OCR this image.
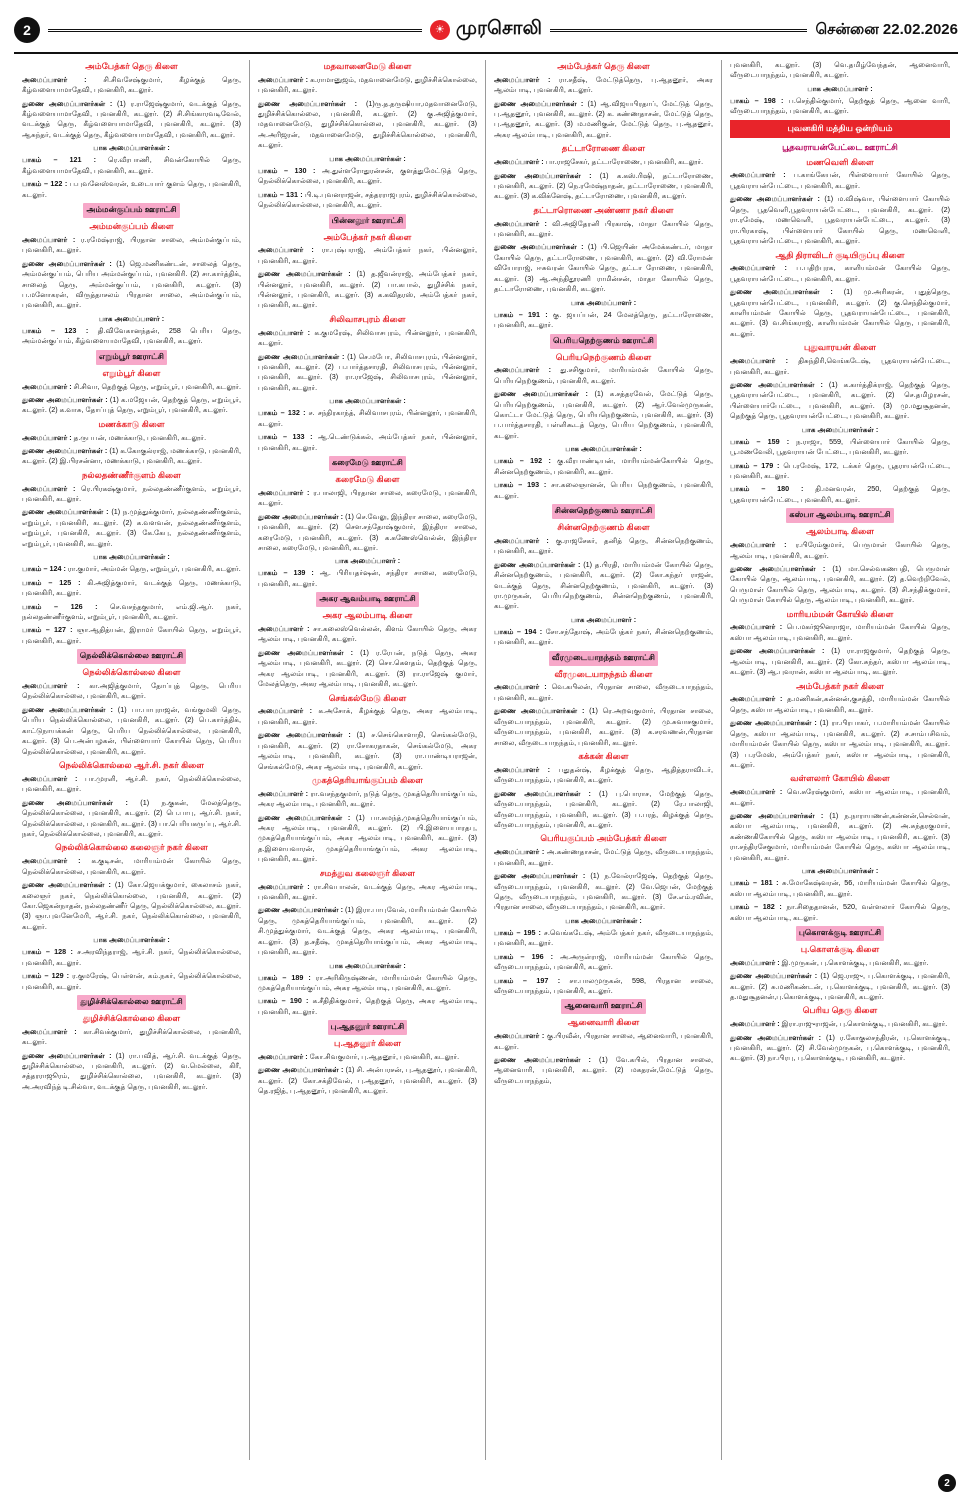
2	☀ முரசொலி	சென்னை 22.02.2026
அம்பேத்கர் தெரு கிளை

அமைப்பாளர் : சி.சிவசேஷ்குமார், கீழக்குத் தெரு, கீழ்வளையாமாதேவி, புவனகிரி, கடலூர்.

துணை அமைப்பாளர்கள் : (1) ர.ராஜேஷ்குமார், வடக்குத் தெரு, கீழ்வளையாமாதேவி, புவனகிரி, கடலூர். (2) சி.சிங்காரவடிவேல், வடக்குத் தெரு, கீழ்வளையாமாதேவி, புவனகிரி, கடலூர். (3) ஆசுந்தர், வடக்குத் தெரு, கீழ்வளையாமாதேவி, புவனகிரி, கடலூர்.

பாக அமைப்பாளர்கள் :

பாகம் – 121 : ரெ.வீரபாணி, சிவன்கோயில் தெரு, கீழ்வளையாமாதேவி, புவனகிரி, கடலூர்.

பாகம் – 122 : ப.புவனேஸ்வரன், உடையார் குளம் தெரு, புவனகிரி, கடலூர்.

அம்மன்குப்பம் ஊராட்சி
அம்மன்குப்பம் கிளை

அமைப்பாளர் : ர.ரமேஷ்ராஜ், பிரதான சாலை, அம்மன்குப்பம், புவனகிரி, கடலூர்.

துணை அமைப்பாளர்கள் : (1) ஜெ.மணிகண்டன், சாலைத் தெரு, அம்மன்குப்பம், பெரிய அம்மன்குப்பம், புவனகிரி. (2) சா.கார்த்திக், சாலைத் தெரு, அம்மன்குப்பம், புவனகிரி, கடலூர். (3) ப.மனோகரன், விருத்தாசலம் பிரதான சாலை, அம்மன்குப்பம், புவனகிரி, கடலூர்.

பாக அமைப்பாளர் :

பாகம் – 123 : தி.விவேகானந்தன், 258 பெரிய தெரு, அம்மன்குப்பம், கீழ்வளையமாதேவி, புவனகிரி, கடலூர்.

எறும்பூர் ஊராட்சி
எறும்பூர் கிளை

அமைப்பாளர் : சி.சிவா, தெற்குத் தெரு, எறும்பூர், புவனகிரி, கடலூர்.

துணை அமைப்பாளர்கள் : (1) க.மஜேயன், தெற்குத் தெரு, எறும்பூர், கடலூர். (2) க.வாசு, தோப்புத் தெரு, எறும்பூர், புவனகிரி, கடலூர்.

மணக்காடு கிளை

அமைப்பாளர் : த.ருபபன், மணக்காடு, புவனகிரி, கடலூர்.

துணை அமைப்பாளர்கள் : (1) க.கோகுல்ராஜ், மணக்காடு, புவனகிரி, கடலூர். (2) இ.பிரசன்னா, மணக்காடு, புவனகிரி, கடலூர்.

நல்லதண்ணீர்குளம் கிளை

அமைப்பாளர் : ரெ.பிரகஷ்குமார், நல்லதண்ணீர்குளம், எறும்பூர், புவனகிரி, கடலூர்.

துணை அமைப்பாளர்கள் : (1) ந.முத்துக்குமார், நல்லதண்ணீர்குளம், எறும்பூர், புவனகிரி, கடலூர். (2) க.வளவன், நல்லதண்ணீர்குளம், எறும்பூர், புவனகிரி, கடலூர். (3) கே.கேபு, நல்லதண்ணீர்குளம், எறும்பூர், புவனகிரி, கடலூர்.

பாக அமைப்பாளர்கள் :

பாகம் – 124 : ரா.குமார், அம்மன் தெரு, எறும்பூர், புவனகிரி, கடலூர்.

பாகம் – 125 : கி.அஜித்குமார், வடக்குத் தெரு, மணக்காடு, புவனகிரி, கடலூர்.

பாகம் – 126 : செ.வசந்தகுமார், எம்.ஜி.ஆர். நகர், நல்லதண்ணீர்குளம், எறும்பூர், புவனகிரி, கடலூர்.

பாகம் – 127 : ஞா.ஆதித்யன், இராமர் கோயில் தெரு, எறும்பூர், புவனகிரி, கடலூர்.

நெல்லிக்கொல்லை ஊராட்சி
நெல்லிக்கொல்லை கிளை

அமைப்பாளர் : கா.அஜித்குமார், தோப்புத் தெரு, பெரிய நெல்லிக்கொல்லை, புவனகிரி, கடலூர்.

துணை அமைப்பாளர்கள் : (1) பா.பாபுராஜன், வங்குமலி தெரு, பெரிய நெல்லிக்கொல்லை, புவனகிரி, கடலூர். (2) பெ.கார்த்திக், காட்டுநாயக்கன் தெரு, பெரிய நெல்லிக்கொல்லை, புவனகிரி, கடலூர். (3) பெ.அன்பழகன், பிள்ளையார் கோயில் தெரு, பெரிய நெல்லிக்கொல்லை, புவனகிரி, கடலூர்.

நெல்லிக்கொல்லை ஆர்.சி. நகர் கிளை

அமைப்பாளர் : பா.முரளி, ஆர்.சி. நகர், நெல்லிக்கொல்லை, புவனகிரி, கடலூர்.

துணை அமைப்பாளர்கள் : (1) ந.குகன், மேலத்தெரு, நெல்லிக்கொல்லை, புவனகிரி, கடலூர். (2) பெ.பாபு, ஆர்.சி. நகர், நெல்லிக்கொல்லை, புவனகிரி, கடலூர். (3) பா.பெரியகருப்பு, ஆர்.சி. நகர், நெல்லிக்கொல்லை, புவனகிரி, கடலூர்.

நெல்லிக்கொல்லை கலைஞர் நகர் கிளை

அமைப்பாளர் : க.குடிசன், மாரியம்மன் கோயில் தெரு, நெல்லிக்கொல்லை, புவனகிரி, கடலூர்.

துணை அமைப்பாளர்கள் : (1) கோ.ஜெயக்குமார், கைலாசம் நகர், கலைஞர் நகர், நெல்லிக்கொல்லை, புவனகிரி, கடலூர். (2) கோ.ஜெகன்நாதன், நல்லதண்ணீர் தெரு, நெல்லிக்கொல்லை, கடலூர். (3) ஞா.புவனேமேரி, ஆர்.சி. நகர், நெல்லிக்கொல்லை, புவனகிரி, கடலூர்.

பாக அமைப்பாளர்கள் :

பாகம் – 128 : ச.அரவிந்தராஜ், ஆர்.சி. நகர், நெல்லிக்கொல்லை, புவனகிரி, கடலூர்.

பாகம் – 129 : ர.குமரேஷ், பெள்ளன், கம்.நகர், நெல்லிக்கொல்லை, புவனகிரி, கடலூர்.

துழிச்சிக்கொல்லை ஊராட்சி
துழிச்சிக்கொல்லை கிளை

அமைப்பாளர் : கா.சிவக்குமார், துழிச்சிக்கொல்லை, புவனகிரி, கடலூர்.

துணை அமைப்பாளர்கள் : (1) ரா.பவித், ஆர்.சி. வடக்குத் தெரு, துழிச்சிக்கொல்லை, புவனகிரி, கடலூர். (2) வ.மெல்லை, கிரீ, சத்தரராஜூரம், துழிச்சிக்கொல்லை, புவனகிரி, கடலூர். (3) அ.அரவிந்த் டி.சில்வா, வடக்குத் தெரு, புவனகிரி, கடலூர்.

மதவானைமேடு கிளை

அமைப்பாளர் : க.ராமானுஜம், மதவானைமேடு, துழிச்சிக்கொல்லை, புவனகிரி, கடலூர்.

துணை அமைப்பாளர்கள் : (1)ரு.த.தருஷியா,மதவானைமேடு, துழிச்சிக்கொல்லை, புவனகிரி, கடலூர். (2) கு.அஜித்குமார், மதவானைமேடு, துழிச்சிக்கொல்லை, புவனகிரி, கடலூர். (3) அ.அரிஜரன், மதவானைமேடு, துழிச்சிக்கொல்லை, புவனகிரி, கடலூர்.

பாக அமைப்பாளர்கள் :

பாகம் – 130 : அ.துள்ளரோதுரன்சன், குளத்துமேட்டுத் தெரு, நெல்லிக்கொல்லை, புவனகிரி, கடலூர்.

பாகம் – 131 : பி.டி.புவனராஜன், சத்தரராஜபுரம், துழிச்சிக்கொல்லை, நெல்லிக்கொல்லை, புவனகிரி, கடலூர்.

பின்னலூர் ஊராட்சி
அம்பேத்கர் நகர் கிளை

அமைப்பாளர் : ரா.புஷ்பராஜ், அம்பேத்கர் நகர், பின்னலூர், புவனகிரி, கடலூர்.

துணை அமைப்பாளர்கள் : (1) த.ஜீவன்ராஜ், அம்பேத்கர் நகர், பின்னலூர், புவனகிரி, கடலூர். (2) பா.கபால், துழிச்சிக் நகர், பின்னலூர், புவனகிரி, கடலூர். (3) க.கவிதரஸ், அம்பேத்கர் நகர், புவனகிரி, கடலூர்.

சிலிவாசபுரம் கிளை

அமைப்பாளர் : க.குமரேஷ், சிலிவாசபுரம், பின்னலூர், புவனகிரி, கடலூர்.

துணை அமைப்பாளர்கள் : (1) செ.மபோ, சிலிவாசபுரம், பின்னலூர், புவனகிரி, கடலூர். (2) ப.பார்த்தசாரதி, சிலிவாசபுரம், பின்னலூர், புவனகிரி, கடலூர். (3) ரா.ராஜேஷ், சிலிவாசபுரம், பின்னலூர், புவனகிரி, கடலூர்.

பாக அமைப்பாளர்கள் :

பாகம் – 132 : ச. சந்திரகாந்த், சிலிவாசபுரம், பின்னலூர், புவனகிரி, கடலூர்.

பாகம் – 133 : ஆ.டெண்டுக்கல், அம்பேத்கர் நகர், பின்னலூர், புவனகிரி, கடலூர்.

கரைமேடு ஊராட்சி
கரைமேடு கிளை

அமைப்பாளர் : ர.பாலாஜி, பிரதான சாலை, கரைமேடு, புவனகிரி, கடலூர்.

துணை அமைப்பாளர்கள் : (1) செ.வேலு, இந்திரா சாலை, கரைமேடு, புவனகிரி, கடலூர். (2) சௌ.சந்தோஷ்குமார், இந்திரா சாலை, கரைமேடு, புவனகிரி, கடலூர். (3) க.கணேஸ்வெல்ன், இந்திரா சாலை, கரைமேடு, புவனகிரி, கடலூர்.

பாக அமைப்பாளர் :

பாகம் – 139 : ஆ. பிரியதர்ஷன், சந்திரா சாலை, கரைமேடு, புவனகிரி, கடலூர்.

அகர ஆவம்பாடி ஊராட்சி
அகர ஆலம்பாடி கிளை

அமைப்பாளர் : சா.கலைஸ்வெல்லன், கிளம் கோயில் தெரு, அகர ஆலம்பாடி, புவனகிரி, கடலூர்.

துணை அமைப்பாளர்கள் : (1) ர.ரேபன், நடுத் தெரு, அகர ஆலம்பாடி, புவனகிரி, கடலூர். (2) சொ.கௌதம், தெற்குத் தெரு, அகர ஆலம்பாடி, புவனகிரி, கடலூர். (3) ரா.ராஜேஷ் குமார், மேலத்தெரு, அகர ஆலம்பாடி, புவனகிரி, கடலூர்.

செங்கல்மேடு கிளை

அமைப்பாளர் : க.அசோக், கீழக்குத் தெரு, அகர ஆலம்பாடி, புவனகிரி, கடலூர்.

துணை அமைப்பாளர்கள் : (1) ச.செங்கொளாநி, செங்கல்மேடு, புவனகிரி, கடலூர். (2) ரா.சோகரதாகன், செங்கல்மேடு, அகர ஆலம்பாடி, புவனகிரி, கடலூர். (3) ரா.பாண்டியராஜன், செங்கல்மேடு, அகர ஆலம்பாடி, புவனகிரி, கடலூர்.

முகத்தெரியாங்குப்பம் கிளை

அமைப்பாளர் : ரா.வசந்தகுமார், நடுத் தெரு, முகத்தெரியாங்குப்பம், அகர ஆலம்பாடி, புவனகிரி, கடலூர்.

துணை அமைப்பாளர்கள் : (1) பா.சுமந்த்,முகத்தெரியாங்குப்பம், அகர ஆலம்பாடி, புவனகிரி, கடலூர். (2) பி.இளையபாரதபு, முகத்தெரியாங்குப்பம், அகர ஆலம்பாடி, புவனகிரி, கடலூர். (3) த.இளையவாரன், முகத்தெரியாங்குப்பம், அகர ஆலம்பாடி, புவனகிரி, கடலூர்.

சமத்துவ கலைஞர் கிளை

அமைப்பாளர் : ரா.சிவபாலன், வடக்குத் தெரு, அகர ஆலம்பாடி, புவனகிரி, கடலூர்.

துணை அமைப்பாளர்கள் : (1) இரா.பாபுவேல், மாரியம்மன் கோயில் தெரு, முகத்தெரியாங்குப்பம், புவனகிரி, கடலூர். (2) சி.முத்துக்குமார், வடக்குத் தெரு, அகர ஆலம்பாடி, புவனகிரி, கடலூர். (3) த.சதீஷ், முகத்தெரியாங்குப்பம், அகர ஆலம்பாடி, புவனகிரி, கடலூர்.

பாக அமைப்பாளர்கள் :

பாகம் – 189 : ரா.அரிகிருஷ்ணன், மாரியம்மன் கோயில் தெரு, முகத்தெரியாங்குப்பம், அகர ஆலம்பாடி, புவனகிரி, கடலூர்.

பாகம் – 190 : க.சீதிதிக்குமார், தெற்குத் தெரு, அகர ஆலம்பாடி, புவனகிரி, கடலூர்.

பு.ஆதனூர் ஊராட்சி
பு.ஆதனூர் கிளை

அமைப்பாளர் : கோ.சிவகுமார், பு.ஆதனூர், புவனகிரி, கடலூர்.

துணை அமைப்பாளர்கள் : (1) சி. அன்பரசன், பு.ஆதனூர், புவனகிரி, கடலூர். (2) கோ.சக்திவேல், பு.ஆதனூர், புவனகிரி, கடலூர். (3) தெ.ரஜித், பு.ஆதனூர், புவனகிரி, கடலூர்.

அம்பேத்கர் தெரு கிளை

அமைப்பாளர் : ரா.சதீஷ், மேட்டுத்தெரு, பு.ஆதனூர், அகர ஆலம்பாடி, புவனகிரி, கடலூர்.

துணை அமைப்பாளர்கள் : (1) ஆ.விஜயபிரதாப், மேட்டுத் தெரு, பு.ஆதனூர், புவனகிரி, கடலூர். (2) க. கண்ணதாசன், மேட்டுத் தெரு, பு.ஆதனூர், கடலூர். (3) ம.மணிகுன், மேட்டுத் தெரு, பு.ஆதனூர், அகர ஆலம்பாடி, புவனகிரி, கடலூர்.

தட்டாரோணை கிளை

அமைப்பாளர் : பா.ராஜசேகர், தட்டாரோணை, புவனகிரி, கடலூர்.

துணை அமைப்பாளர்கள் : (1) க.கஸ்.ரிஷி, தட்டாரோணை, புவனகிரி, கடலூர். (2) நெ.ரமேஷ்நாதன், தட்டாரோணை, புவனகிரி, கடலூர். (3) க.விக்னேஷ், தட்டாரோணை, புவனகிரி, கடலூர்.

தட்டாரொணை அண்ணா நகர் கிளை

அமைப்பாளர் : வி.அஜிதேரனி பிரகாஷ், மாதா கோயில் தெரு, புவனகிரி, கடலூர்.

துணை அமைப்பாளர்கள் : (1) பி.ஜெயிண் அமேக்கண்டர், மாதா கோயில் தெரு, தட்டாரோணை, புவனகிரி, கடலூர். (2) வி.ரோமன் வியோராஜ், ஈசுவரன் கோயில் தெரு, தட்டா ரோணை, புவனகிரி, கடலூர். (3) ஆ.அந்திதூரணி ராமின்சன், மாதா கோயில் தெரு, தட்டாரோணை, புவனகிரி, கடலூர்.

பாக அமைப்பாளர் :

பாகம் – 191 : கு. ஜயப்பன், 24 மேலத்தெரு, தட்டாரோணை, புவனகிரி, கடலூர்.

பெரியநெற்குணம் ஊராட்சி
பெரியநெற்குணம் கிளை

அமைப்பாளர் : து.சசிகுமார், மாரியம்மன் கோயில் தெரு, பெரியநெற்குணம், புவனகிரி, கடலூர்.

துணை அமைப்பாளர்கள் : (1) க.சத்தரவேல், மேட்டுத் தெரு, பெரியநெற்குணம், புவனகிரி, கடலூர். (2) ஆர்.வேல்முருகன், கொட்டா மேட்டுத் தெரு, பெரியநெற்குணம், புவனகிரி, கடலூர். (3) ப.பார்த்தசாரதி, பள்ளிகூடத் தெரு, பெரிய நெற்குணம், புவனகிரி, கடலூர்.

பாக அமைப்பாளர்கள் :

பாகம் – 192 : கு.வீரபாண்டியன், மாரியம்மன்கோயில் தெரு, சின்னநெற்குணம், புவனகிரி, கடலூர்.

பாகம் – 193 : சா.கலைஞானன், பெரிய நெற்குணம், புவனகிரி, கடலூர்.

சின்னநெற்குணம் ஊராட்சி
சின்னநெற்குணம் கிளை

அமைப்பாளர் : கு.ராஜசேகர், தனித் தெரு, சின்னநெற்குணம், புவனகிரி, கடலூர்.

துணை அமைப்பாளர்கள் : (1) த.பிரதி, மாரியம்மன் கோயில் தெரு, சின்னநெற்குணம், புவனகிரி, கடலூர். (2) கோ.கந்தர் ராஜன், வடக்குத் தெரு, சின்னநெற்குணம், புவனகிரி, கடலூர். (3) ரா.முருகன், பெரியநெற்குணம், சின்னநெற்குணம், புவனகிரி, கடலூர்.

பாக அமைப்பாளர் :

பாகம் – 194 : சோ.சந்தோஷ், அம்பேத்கர் நகர், சின்னநெற்குணம், புவனகிரி, கடலூர்.

வீரமுடையாநந்தம் ஊராட்சி
வீரமுடையாநந்தம் கிளை

அமைப்பாளர் : வெ.கபிலன், பிரதான சாலை, வீருடையாநந்தம், புவனகிரி, கடலூர்.

துணை அமைப்பாளர்கள் : (1) ரெ.அறவுகுமார், பிரதான சாலை, வீருடையாநந்தம், புவனகிரி, கடலூர். (2) மு.சுவாசகுமார், வீருடையாநந்தம், புவனகிரி, கடலூர். (3) க.சரவணன்,பிரதான சாலை, வீருடையாநந்தம், புவனகிரி, கடலூர்.

கக்கன் கிளை

அமைப்பாளர் : பதுதன்ஷ், கீழக்குத் தெரு, ஆதித்தராவிடர், வீருடையாநந்தம், புவனகிரி, கடலூர்.

துணை அமைப்பாளர்கள் : (1) பு.பொராச, மேற்குத் தெரு, வீருடையாநந்தம், புவனகிரி, கடலூர். (2) ரே.பாலாஜி, வீருடையாநந்தம், புவனகிரி, கடலூர். (3) ப.பரத், கிழக்குத் தெரு, வீருடையாநந்தம், புவனகிரி, கடலூர்.

பெரியகுப்பம் அம்பேத்கர் கிளை

அமைப்பாளர் : அ.கண்ணதாசன், மேட்டுத் தெரு, வீருடையாநந்தம், புவனகிரி, கடலூர்.

துணை அமைப்பாளர்கள் : (1) ந.வேல்ராஜேஷ், தெற்குத் தெரு, வீருடையாநந்தம், புவனகிரி, கடலூர். (2) வே.ஜெபன், மேற்குத் தெரு, வீருடையாநந்தம், புவனகிரி, கடலூர். (3) சே.எம்.ரவின், பிரதான சாலை, வீருடையாநந்தம், புவனகிரி, கடலூர்.

பாக அமைப்பாளர்கள் :

பாகம் – 195 : ச.வெங்கடேஷ், அம்பேத்கர் நகர், வீருடையாநந்தம், புவனகிரி, கடலூர்.

பாகம் – 196 : அ.அருள்ராஜ், மாரியம்மன் கோயில் தெரு, வீருடையாநந்தம், புவனகிரி, கடலூர்.

பாகம் – 197 : சா.பாலமுருகன், 598, பிரதான சாலை, வீருடையாநந்தம், புவனகிரி, கடலூர்.

ஆனைவாரி ஊராட்சி
ஆனைவாரி கிளை

அமைப்பாளர் : கு.பிரவீன், பிரதான சாலை, ஆனைவாரி, புவனகிரி, கடலூர்.

துணை அமைப்பாளர்கள் : (1) வே.கபில், பிரதான சாலை, ஆனைவாரி, புவனகிரி, கடலூர். (2) மகதரன்,மேட்டுத் தெரு, வீருடையாநந்தம்,

புவனகிரி, கடலூர். (3) வெ.தமிழ்வேந்தன், ஆனைவாரி, வீருடையாநந்தம், புவனகிரி, கடலூர்.

பாக அமைப்பாளர் :

பாகம் – 198 : ப.செந்தில்குமார், தெற்குத் தெரு, ஆனை வாரி, வீருடையாநந்தம், புவனகிரி, கடலூர்.

புவனகிரி மத்திய ஒன்றியம்
பூதவராயன்பேட்டை ஊராட்சி
மணவெளி கிளை

அமைப்பாளர் : ப.காங்கேயன், பிள்ளையார் கோயில் தெரு, பூதவராயன்பேட்டை, புவனகிரி, கடலூர்.

துணை அமைப்பாளர்கள் : (1) ம.விஷ்வா, பிள்ளையார் கோயில் தெரு, பூதவெளி,பூதவராயன்பேட்டை, புவனகிரி, கடலூர். (2) ரா.ரமேஷ், மணவெளி, பூதவராயன்பேட்டை, கடலூர். (3) ரா.பிரகாஷ், பிள்ளையார் கோயில் தெரு, மணவெளி, பூதவராயன்பேட்டை, புவனகிரி, கடலூர்.

ஆதி திராவிடர் குடியிருப்பு கிளை

அமைப்பாளர் : ப.பதிற்புரக, காளியம்மன் கோயில் தெரு, பூதவராயன்பேட்டை, புவனகிரி, கடலூர்.

துணை அமைப்பாளர்கள் : (1) மு.அரிகரன், புதுத்தெரு, பூதவராயன்பேட்டை, புவனகிரி, கடலூர். (2) கு.செந்தில்குமார், காளியம்மன் கோயில் தெரு, பூதவராயன்பேட்டை, புவனகிரி, கடலூர். (3) வ.சிங்கராஜ், காளியம்மன் கோயில் தெரு, புவனகிரி, கடலூர்.

புதுவாரயன் கிளை

அமைப்பாளர் : திசுந்திரி,வெங்கடேஷ், பூதவராயன்பேட்டை, புவனகிரி, கடலூர்.

துணை அமைப்பாளர்கள் : (1) க.கார்த்திக்ராஜ், தெற்குத் தெரு, பூதவராயன்பேட்டை, புவனகிரி, கடலூர். (2) செ.தமிழரசன், பிள்ளையார்பேட்டை, புவனகிரி, கடலூர். (3) மு.மதுசூதனன், தெற்குத் தெரு, பூதவராயன்பேட்டை, புவனகிரி, கடலூர்.

பாக அமைப்பாளர்கள் :

பாகம் – 159 : ந.ராஜா, 559, பிள்ளையார் கோயில் தெரு, பூ.மணவேலி, பூதவராயன் பேட்டை, புவனகிரி, கடலூர்.

பாகம் – 179 : பெ.ரமேஷ், 172, டக்கர் தெரு, பூதராயன்பேட்டை, புவனகிரி, கடலூர்.

பாகம் – 180 : தி.மனவரன், 250, தெற்குத் தெரு, பூதவராயன்பேட்டை, புவனகிரி, கடலூர்.

கஸ்பா ஆலம்பாடி ஊராட்சி
ஆலம்பாடி கிளை

அமைப்பாளர் : ர.பிரேம்குமார், பெருமாள் கோயில் தெரு, ஆலம்பாடி, புவனகிரி, கடலூர்.

துணை அமைப்பாளர்கள் : (1) மா.செல்வகணபதி, பெருமாள் கோயில் தெரு, ஆலம்பாடி, புவனகிரி, கடலூர். (2) த.வெற்றிவேல், பெருமாள் கோயில் தெரு, ஆலம்பாடி, கடலூர். (3) சி.சந்திக்குமார், பெருமாள் கோயில் தெரு, ஆலம்பாடி, புவனகிரி, கடலூர்.

மாரியம்மன் கோயில் கிளை

அமைப்பாளர் : பெ.மகர்ஜூனராஜா, மாரியம்மன் கோயில் தெரு, கஸ்பா ஆலம்பாடி, புவனகிரி, கடலூர்.

துணை அமைப்பாளர்கள் : (1) ரா.ராஜகுமார், தெற்குத் தெரு, ஆலம்பாடி, புவனகிரி, கடலூர். (2) கோ.சுந்தர், கஸ்பா ஆலம்பாடி, கடலூர். (3) ஆ.புவரான், கஸ்பா ஆலம்பாடி, கடலூர்.

அம்பேத்கர் நகர் கிளை

அமைப்பாளர் : த.மணிகன்,கன்னன்,குசத்தி, மாரியம்மன் கோயில் தெரு, கஸ்பா ஆலம்பாடி, புவனகிரி, கடலூர்.

துணை அமைப்பாளர்கள் : (1) ரா.பிரபாகர், ப.மாரியம்மன் கோயில் தெரு, கஸ்பா ஆலம்பாடி, புவனகிரி, கடலூர். (2) ச.சாம்பசிவம், மாரியம்மன் கோயில் தெரு, கஸ்பா ஆலம்பாடி, புவனகிரி, கடலூர். (3) ப.ரமேஸ், அம்பேத்கர் நகர், கஸ்பா ஆலம்பாடி, புவனகிரி, கடலூர்.

வள்ளலார் கோயில் கிளை

அமைப்பாளர் : வெ.சுரேஷ்குமார், கஸ்பா ஆலம்பாடி, புவனகிரி, கடலூர்.

துணை அமைப்பாளர்கள் : (1) ந.நாராயணன்,கன்னன்,செல்வன், கஸ்பா ஆலம்பாடி, புவனகிரி, கடலூர். (2) அ.சுந்தரகுமார், கண்ணகிகோயில் தெரு, கஸ்பா ஆலம்பாடி, புவனகிரி, கடலூர். (3) ரா.சந்திரசேகுமார், மாரியம்மன் கோயில் தெரு, கஸ்பா ஆலம்பாடி, புவனகிரி, கடலூர்.

பாக அமைப்பாளர்கள் :

பாகம் – 181 : சு.மோகேஷ்வரன், 56, மாரியம்மன் கோயில் தெரு, கஸ்பா ஆலம்பாடி, புவனகிரி, கடலூர்.

பாகம் – 182 : நா.சிதைதானன், 520, வள்ளலார் கோயில் தெரு, கஸ்பா ஆலம்பாடி, கடலூர்.

புகொளக்குடி ஊராட்சி
பு.கொளக்குடி கிளை

அமைப்பாளர் : இ.முருகன், பு.கொளக்குடி, புவனகிரி, கடலூர்.

துணை அமைப்பாளர்கள் : (1) ஜெ.ராஜு, பு.கொளக்குடி, புவனகிரி, கடலூர். (2) சு.மணிகண்டன், பு.கொளக்குடி, புவனகிரி, கடலூர். (3) த.மதுசூதனன்,பு.கொளக்குடி, புவனகிரி, கடலூர்.

பெரிய தெரு கிளை

அமைப்பாளர் : இரா.ராஜுராஜன், பு.கொளக்குடி, புவனகிரி, கடலூர்.

துணை அமைப்பாளர்கள் : (1) ர.கோகுலசந்திரன், பு.கொளக்குடி, புவனகிரி, கடலூர். (2) சி.வேல்முருகன், பு.கொளக்குடி, புவனகிரி, கடலூர். (3) நா.பிரபு, பு.கொளக்குடி, புவனகிரி, கடலூர்.

2
